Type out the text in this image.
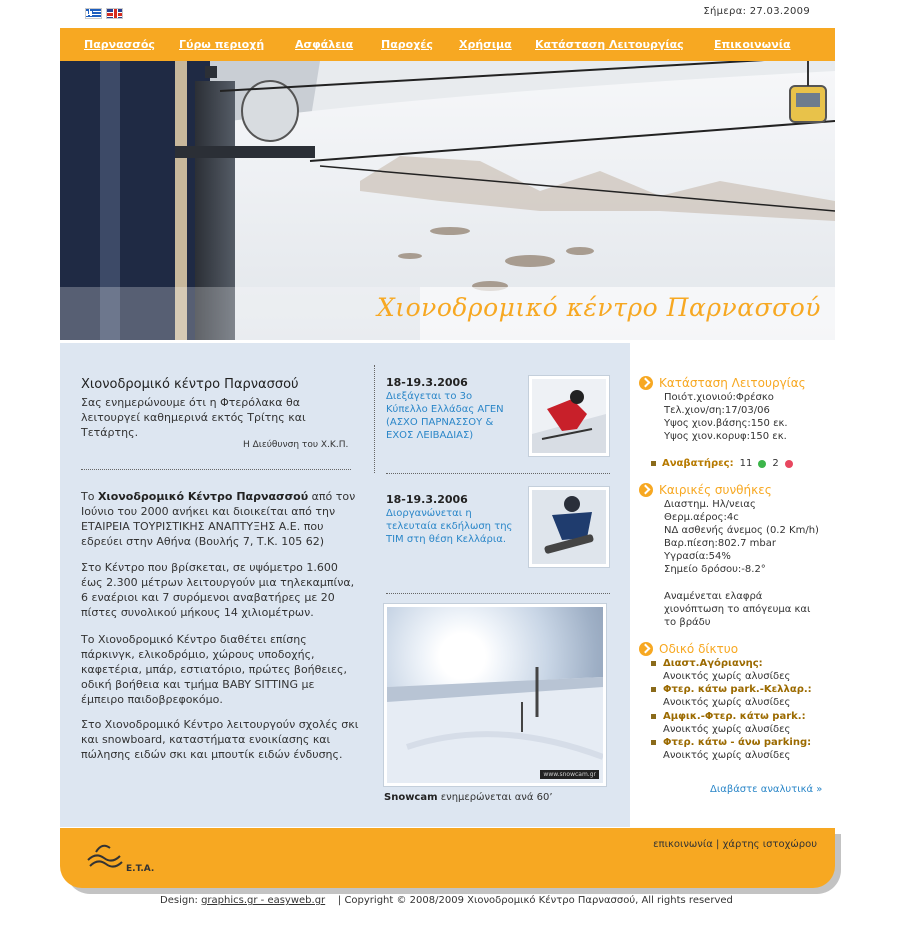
Σήμερα: 27.03.2009
Παρνασσός Γύρω περιοχή	Ασφάλεια	Παροχές Χρήσιμα Κατάσταση Λειτουργίας	Επικοινωνία
Χιονοδρομικό κέντρο Παρνασσού
Χιονοδρομικό κέντρο Παρνασσού
Σας ενημερώνουμε ότι η Φτερόλακα θα λειτουργεί καθημερινά εκτός Τρίτης και Τετάρτης.
Η Διεύθυνση του Χ.Κ.Π.
Το Χιονοδρομικό Κέντρο Παρνασσού από τον Ιούνιο του 2000 ανήκει και διοικείται από την ΕΤΑΙΡΕΙΑ ΤΟΥΡΙΣΤΙΚΗΣ ΑΝΑΠΤΥΞΗΣ Α.Ε. που εδρεύει στην Αθήνα (Βουλής 7, Τ.Κ. 105 62)
Στο Κέντρο που βρίσκεται, σε υψόμετρο 1.600 έως 2.300 μέτρων λειτουργούν μια τηλεκαμπίνα, 6 εναέριοι και 7 συρόμενοι αναβατήρες με 20 πίστες συνολικού μήκους 14 χιλιομέτρων.
Το Χιονοδρομικό Κέντρο διαθέτει επίσης πάρκινγκ, ελικοδρόμιο, χώρους υποδοχής, καφετέρια, μπάρ, εστιατόριο, πρώτες βοήθειες, οδική βοήθεια και τμήμα BABY SITTING με έμπειρο παιδοβρεφοκόμο.
Στο Χιονοδρομικό Κέντρο λειτουργούν σχολές σκι και snowboard, καταστήματα ενοικίασης και πώλησης ειδών σκι και μπουτίκ ειδών ένδυσης.
18-19.3.2006
Διεξάγεται το 3ο Κύπελλο Ελλάδας ΑΓΕΝ (ΑΣΧΟ ΠΑΡΝΑΣΣΟΥ & ΕΧΟΣ ΛΕΙΒΑΔΙΑΣ)
18-19.3.2006
Διοργανώνεται η τελευταία εκδήλωση της ΤΙΜ στη θέση Κελλάρια.
www.snowcam.gr
Snowcam ενημερώνεται ανά 60’
Κατάσταση Λειτουργίας
Ποιότ.χιονιού:Φρέσκο
Τελ.χιον/ση:17/03/06
Υψος χιον.βάσης:150 εκ.
Υψος χιον.κορυφ:150 εκ.
Αναβατήρες: 11 2
Καιρικές συνθήκες
Διαστημ. Ηλ/νειας
Θερμ.αέρος:4c
ΝΔ ασθενής άνεμος (0.2 Km/h)
Βαρ.πίεση:802.7 mbar
Υγρασία:54%
Σημείο δρόσου:-8.2°
Αναμένεται ελαφρά
χιονόπτωση το απόγευμα και
το βράδυ
Οδικό δίκτυο
Διαστ.Αγόριανης:
Ανοικτός χωρίς αλυσίδες
Φτερ. κάτω park.-Κελλαρ.:
Ανοικτός χωρίς αλυσίδες
Αμφικ.-Φτερ. κάτω park.:
Ανοικτός χωρίς αλυσίδες
Φτερ. κάτω - άνω parking:
Ανοικτός χωρίς αλυσίδες
Διαβάστε αναλυτικά »
E.T.A.
επικοινωνία | χάρτης ιστοχώρου
Design: graphics.gr - easyweb.gr | Copyright © 2008/2009 Χιονοδρομικό Κέντρο Παρνασσού, All rights reserved
